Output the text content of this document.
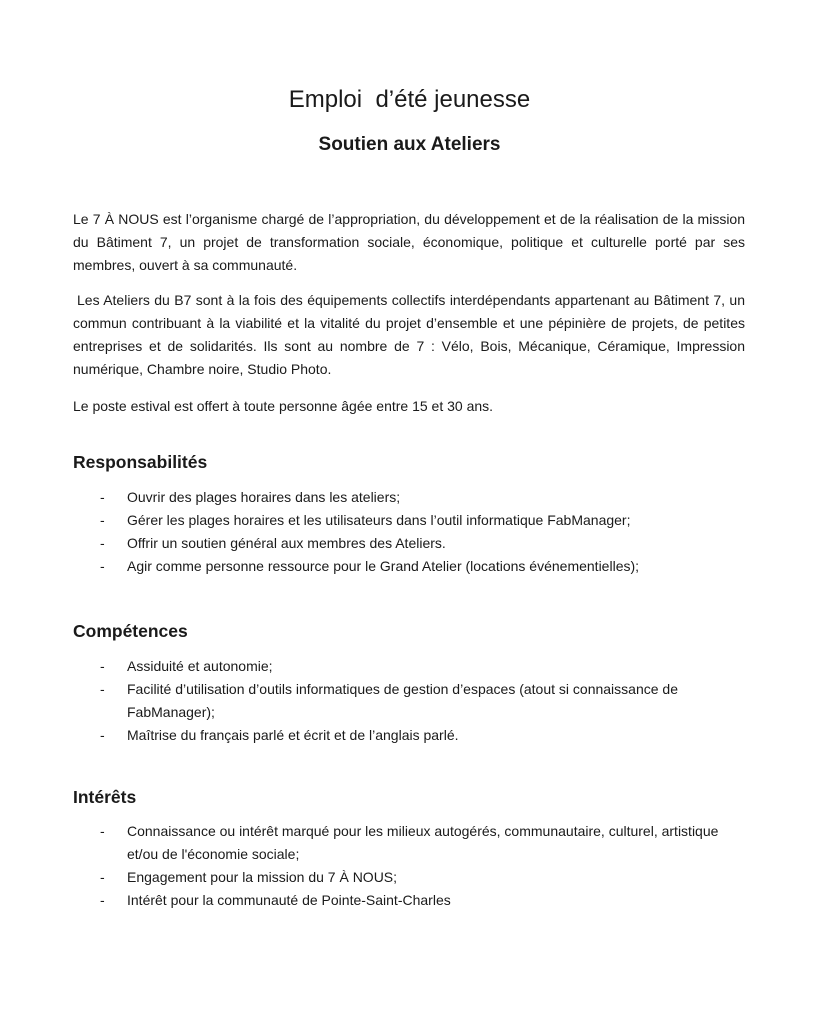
Emploi  d’été jeunesse
Soutien aux Ateliers

Le 7 À NOUS est l’organisme chargé de l’appropriation, du développement et de la réalisation de la mission du Bâtiment 7, un projet de transformation sociale, économique, politique et culturelle porté par ses membres, ouvert à sa communauté.

Les Ateliers du B7 sont à la fois des équipements collectifs interdépendants appartenant au Bâtiment 7, un commun contribuant à la viabilité et la vitalité du projet d’ensemble et une pépinière de projets, de petites entreprises et de solidarités. Ils sont au nombre de 7 : Vélo, Bois, Mécanique, Céramique, Impression numérique, Chambre noire, Studio Photo.

Le poste estival est offert à toute personne âgée entre 15 et 30 ans.

Responsabilités
- Ouvrir des plages horaires dans les ateliers;
- Gérer les plages horaires et les utilisateurs dans l’outil informatique FabManager;
- Offrir un soutien général aux membres des Ateliers.
- Agir comme personne ressource pour le Grand Atelier (locations événementielles);
Compétences
- Assiduité et autonomie;
- Facilité d’utilisation d’outils informatiques de gestion d’espaces (atout si connaissance de FabManager);
- Maîtrise du français parlé et écrit et de l’anglais parlé.
Intérêts
- Connaissance ou intérêt marqué pour les milieux autogérés, communautaire, culturel, artistique et/ou de l'économie sociale;
- Engagement pour la mission du 7 À NOUS;
- Intérêt pour la communauté de Pointe-Saint-Charles
